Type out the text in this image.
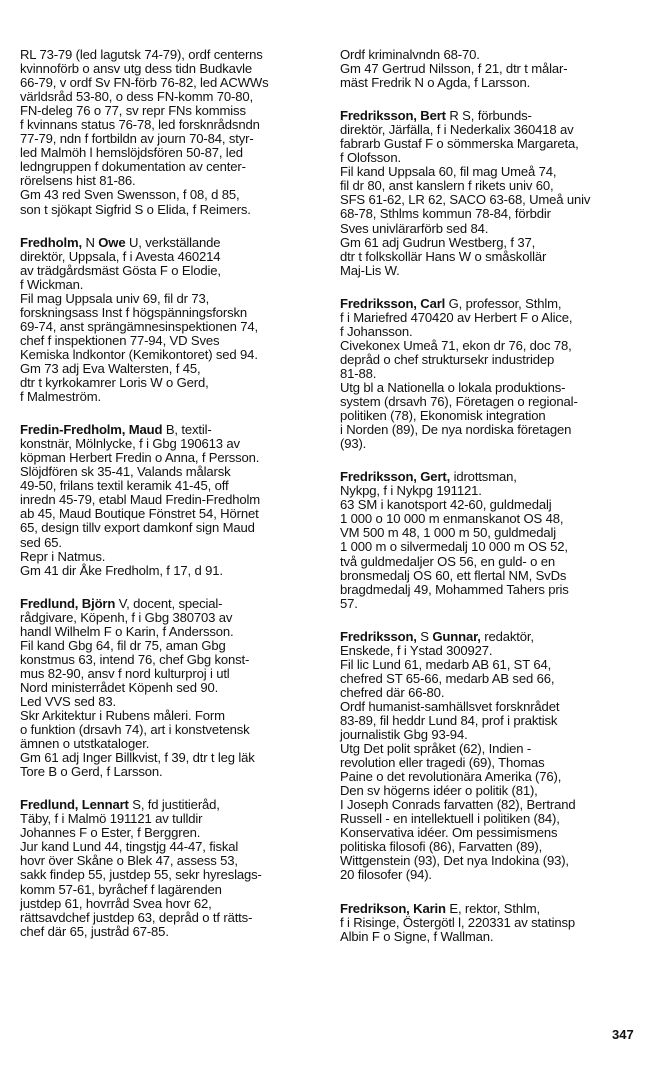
RL 73-79 (led lagutsk 74-79), ordf centerns

kvinnoförb o ansv utg dess tidn Budkavle

66-79, v ordf Sv FN-förb 76-82, led ACWWs

världsråd 53-80, o dess FN-komm 70-80,

FN-deleg 76 o 77, sv repr FNs kommiss

f kvinnans status 76-78, led forsknrådsndn

77-79, ndn f fortbildn av journ 70-84, styr-

led Malmöh l hemslöjdsfören 50-87, led

ledngruppen f dokumentation av center-

rörelsens hist 81-86.

Gm 43 red Sven Swensson, f 08, d 85,

son t sjökapt Sigfrid S o Elida, f Reimers.

Fredholm, N Owe U, verkställande

direktör, Uppsala, f i Avesta 460214

av trädgårdsmäst Gösta F o Elodie,

f Wickman.

Fil mag Uppsala univ 69, fil dr 73,

forskningsass Inst f högspänningsforskn

69-74, anst sprängämnesinspektionen 74,

chef f inspektionen 77-94, VD Sves

Kemiska lndkontor (Kemikontoret) sed 94.

Gm 73 adj Eva Waltersten, f 45,

dtr t kyrkokamrer Loris W o Gerd,

f Malmeström.

Fredin-Fredholm, Maud B, textil-

konstnär, Mölnlycke, f i Gbg 190613 av

köpman Herbert Fredin o Anna, f Persson.

Slöjdfören sk 35-41, Valands målarsk

49-50, frilans textil keramik 41-45, off

inredn 45-79, etabl Maud Fredin-Fredholm

ab 45, Maud Boutique Fönstret 54, Hörnet

65, design tillv export damkonf sign Maud

sed 65.

Repr i Natmus.

Gm 41 dir Åke Fredholm, f 17, d 91.

Fredlund, Björn V, docent, special-

rådgivare, Köpenh, f i Gbg 380703 av

handl Wilhelm F o Karin, f Andersson.

Fil kand Gbg 64, fil dr 75, aman Gbg

konstmus 63, intend 76, chef Gbg konst-

mus 82-90, ansv f nord kulturproj i utl

Nord ministerrådet Köpenh sed 90.

Led VVS sed 83.

Skr Arkitektur i Rubens måleri. Form

o funktion (drsavh 74), art i konstvetensk

ämnen o utstkataloger.

Gm 61 adj Inger Billkvist, f 39, dtr t leg läk

Tore B o Gerd, f Larsson.

Fredlund, Lennart S, fd justitieråd,

Täby, f i Malmö 191121 av tulldir

Johannes F o Ester, f Berggren.

Jur kand Lund 44, tingstjg 44-47, fiskal

hovr över Skåne o Blek 47, assess 53,

sakk findep 55, justdep 55, sekr hyreslags-

komm 57-61, byråchef f lagärenden

justdep 61, hovrråd Svea hovr 62,

rättsavdchef justdep 63, depråd o tf rätts-

chef där 65, justråd 67-85.

Ordf kriminalvndn 68-70.

Gm 47 Gertrud Nilsson, f 21, dtr t målar-

mäst Fredrik N o Agda, f Larsson.

Fredriksson, Bert R S, förbunds-

direktör, Järfälla, f i Nederkalix 360418 av

fabrarb Gustaf F o sömmerska Margareta,

f Olofsson.

Fil kand Uppsala 60, fil mag Umeå 74,

fil dr 80, anst kanslern f rikets univ 60,

SFS 61-62, LR 62, SACO 63-68, Umeå univ

68-78, Sthlms kommun 78-84, förbdir

Sves univlärarförb sed 84.

Gm 61 adj Gudrun Westberg, f 37,

dtr t folkskollär Hans W o småskollär

Maj-Lis W.

Fredriksson, Carl G, professor, Sthlm,

f i Mariefred 470420 av Herbert F o Alice,

f Johansson.

Civekonex Umeå 71, ekon dr 76, doc 78,

depråd o chef struktursekr industridep

81-88.

Utg bl a Nationella o lokala produktions-

system (drsavh 76), Företagen o regional-

politiken (78), Ekonomisk integration

i Norden (89), De nya nordiska företagen

(93).

Fredriksson, Gert, idrottsman,

Nykpg, f i Nykpg 191121.

63 SM i kanotsport 42-60, guldmedalj

1 000 o 10 000 m enmanskanot OS 48,

VM 500 m 48, 1 000 m 50, guldmedalj

1 000 m o silvermedalj 10 000 m OS 52,

två guldmedaljer OS 56, en guld- o en

bronsmedalj OS 60, ett flertal NM, SvDs

bragdmedalj 49, Mohammed Tahers pris

57.

Fredriksson, S Gunnar, redaktör,

Enskede, f i Ystad 300927.

Fil lic Lund 61, medarb AB 61, ST 64,

chefred ST 65-66, medarb AB sed 66,

chefred där 66-80.

Ordf humanist-samhällsvet forsknrådet

83-89, fil heddr Lund 84, prof i praktisk

journalistik Gbg 93-94.

Utg Det polit språket (62), Indien -

revolution eller tragedi (69), Thomas

Paine o det revolutionära Amerika (76),

Den sv högerns idéer o politik (81),

I Joseph Conrads farvatten (82), Bertrand

Russell - en intellektuell i politiken (84),

Konservativa idéer. Om pessimismens

politiska filosofi (86), Farvatten (89),

Wittgenstein (93), Det nya Indokina (93),

20 filosofer (94).

Fredrikson, Karin E, rektor, Sthlm,

f i Risinge, Östergötl l, 220331 av statinsp

Albin F o Signe, f Wallman.

347
